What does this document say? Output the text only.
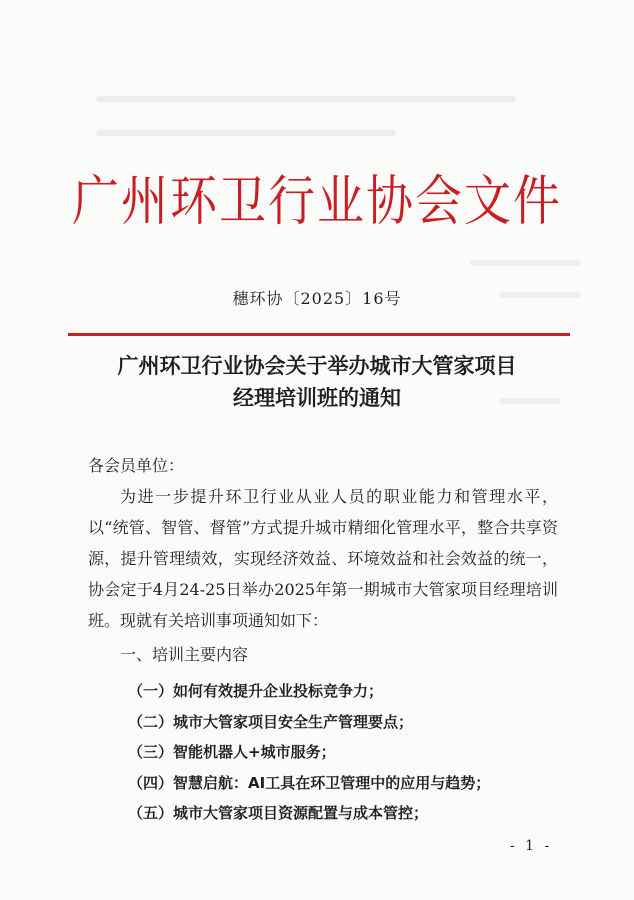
广州环卫行业协会文件
穗环协〔2025〕16号
广州环卫行业协会关于举办城市大管家项目
经理培训班的通知
各会员单位：
为进一步提升环卫行业从业人员的职业能力和管理水平，以“统管、智管、督管”方式提升城市精细化管理水平，整合共享资源，提升管理绩效，实现经济效益、环境效益和社会效益的统一，协会定于4月24-25日举办2025年第一期城市大管家项目经理培训班。现就有关培训事项通知如下：
一、培训主要内容
（一）如何有效提升企业投标竞争力；
（二）城市大管家项目安全生产管理要点；
（三）智能机器人+城市服务；
（四）智慧启航：AI工具在环卫管理中的应用与趋势；
（五）城市大管家项目资源配置与成本管控；
- 1 -
